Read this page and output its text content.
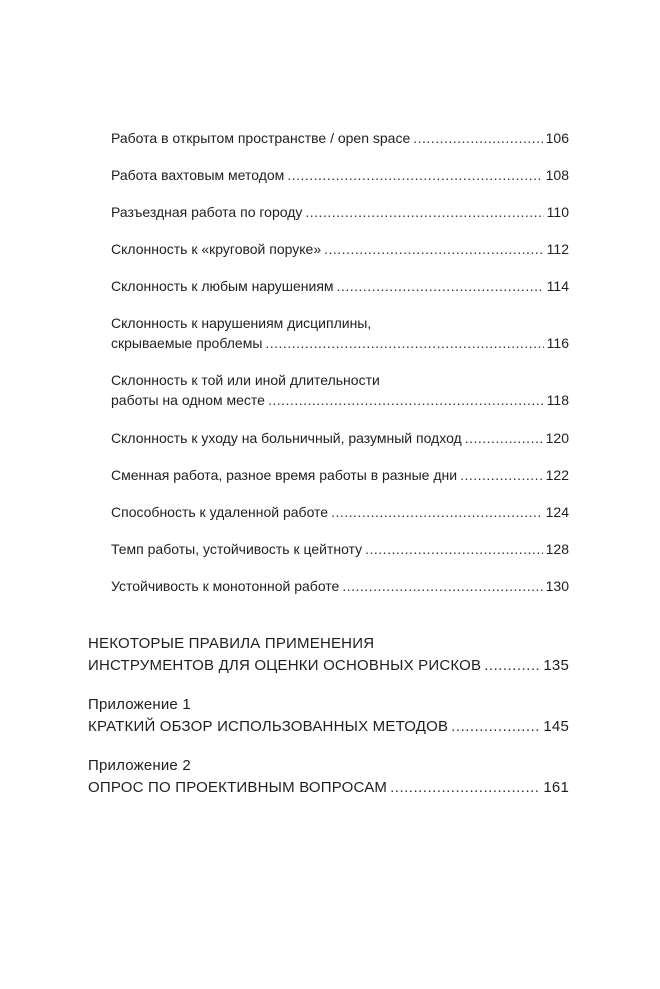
Работа в открытом пространстве / open space .....	106
Работа вахтовым методом .....	108
Разъездная работа по городу .....	110
Склонность к «круговой поруке» .....	112
Склонность к любым нарушениям .....	114
Склонность к нарушениям дисциплины,
скрываемые проблемы .....	116
Склонность к той или иной длительности
работы на одном месте .....	118
Склонность к уходу на больничный, разумный подход .....	120
Сменная работа, разное время работы в разные дни .....	122
Способность к удаленной работе .....	124
Темп работы, устойчивость к цейтноту .....	128
Устойчивость к монотонной работе .....	130
НЕКОТОРЫЕ ПРАВИЛА ПРИМЕНЕНИЯ
ИНСТРУМЕНТОВ ДЛЯ ОЦЕНКИ ОСНОВНЫХ РИСКОВ .....	135
Приложение 1
КРАТКИЙ ОБЗОР ИСПОЛЬЗОВАННЫХ МЕТОДОВ .....	145
Приложение 2
ОПРОС ПО ПРОЕКТИВНЫМ ВОПРОСАМ .....	161
